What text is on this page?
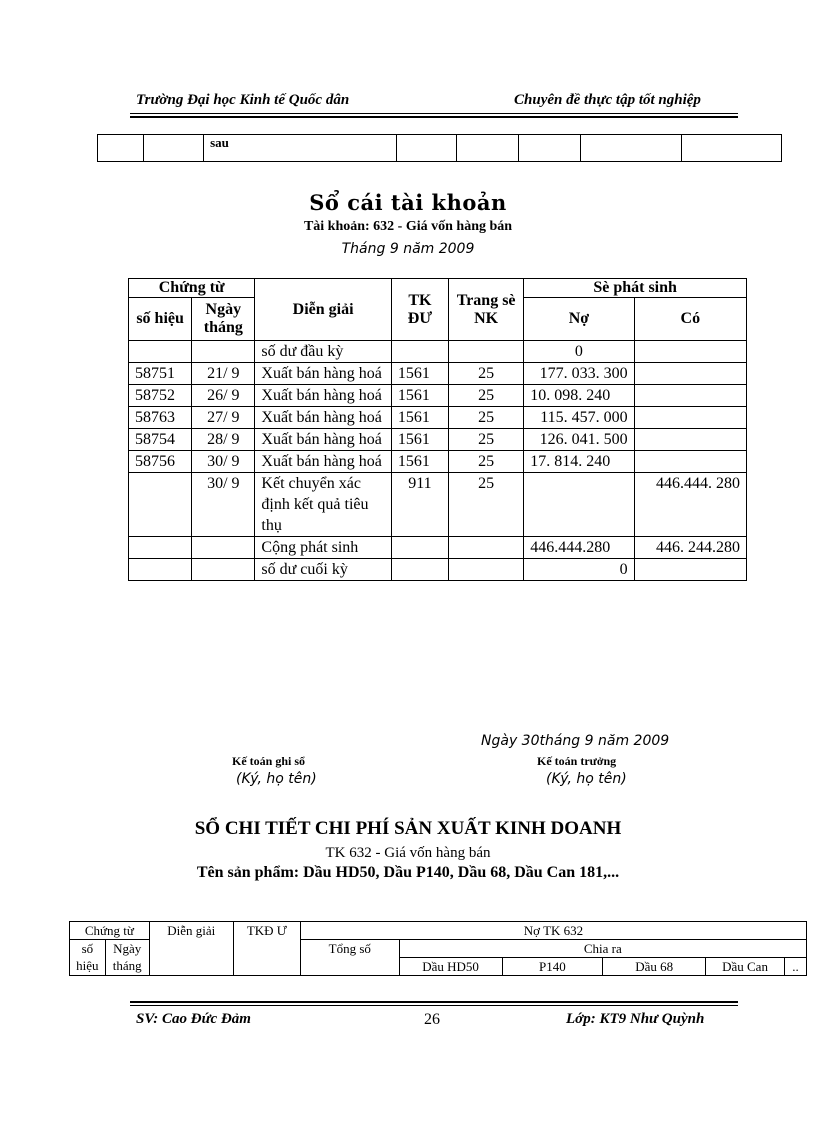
Trường Đại học Kinh tế Quốc dân	Chuyên đề thực tập tốt nghiệp
		sau					
Sổ cái tài khoản
Tài khoản: 632 - Giá vốn hàng bán
Tháng 9 năm 2009
Chứng từ		Diễn giải	TK ĐƯ	Trang sè NK	Sè phát sinh	
số hiệu	Ngày tháng				Nợ	Có
		số dư đầu kỳ			0	
58751	21/ 9	Xuất bán hàng hoá	1561	25	177. 033. 300	
58752	26/ 9	Xuất bán hàng hoá	1561	25	10. 098. 240	
58763	27/ 9	Xuất bán hàng hoá	1561	25	115. 457. 000	
58754	28/ 9	Xuất bán hàng hoá	1561	25	126. 041. 500	
58756	30/ 9	Xuất bán hàng hoá	1561	25	17. 814. 240	
	30/ 9	Kết chuyển xác định kết quả tiêu thụ	911	25		446.444. 280
		Cộng phát sinh			446.444.280	446. 244.280
		số dư cuối kỳ			0	
Ngày 30tháng 9 năm 2009
Kế toán ghi sổ
(Ký, họ tên)
Kế toán trưởng
(Ký, họ tên)
SỔ CHI TIẾT CHI PHÍ SẢN XUẤT KINH DOANH
TK 632 - Giá vốn hàng bán
Tên sản phẩm: Dầu HD50, Dầu P140, Dầu 68, Dầu Can 181,...
Chứng từ		Diễn giải	TKĐ Ư	Nợ TK 632					
số hiệu	Ngày tháng			Tổng số	Chia ra				
					Dầu HD50	P140	Dầu 68	Dầu Can	..
SV: Cao Đức Đảm	26	Lớp: KT9 Như Quỳnh
